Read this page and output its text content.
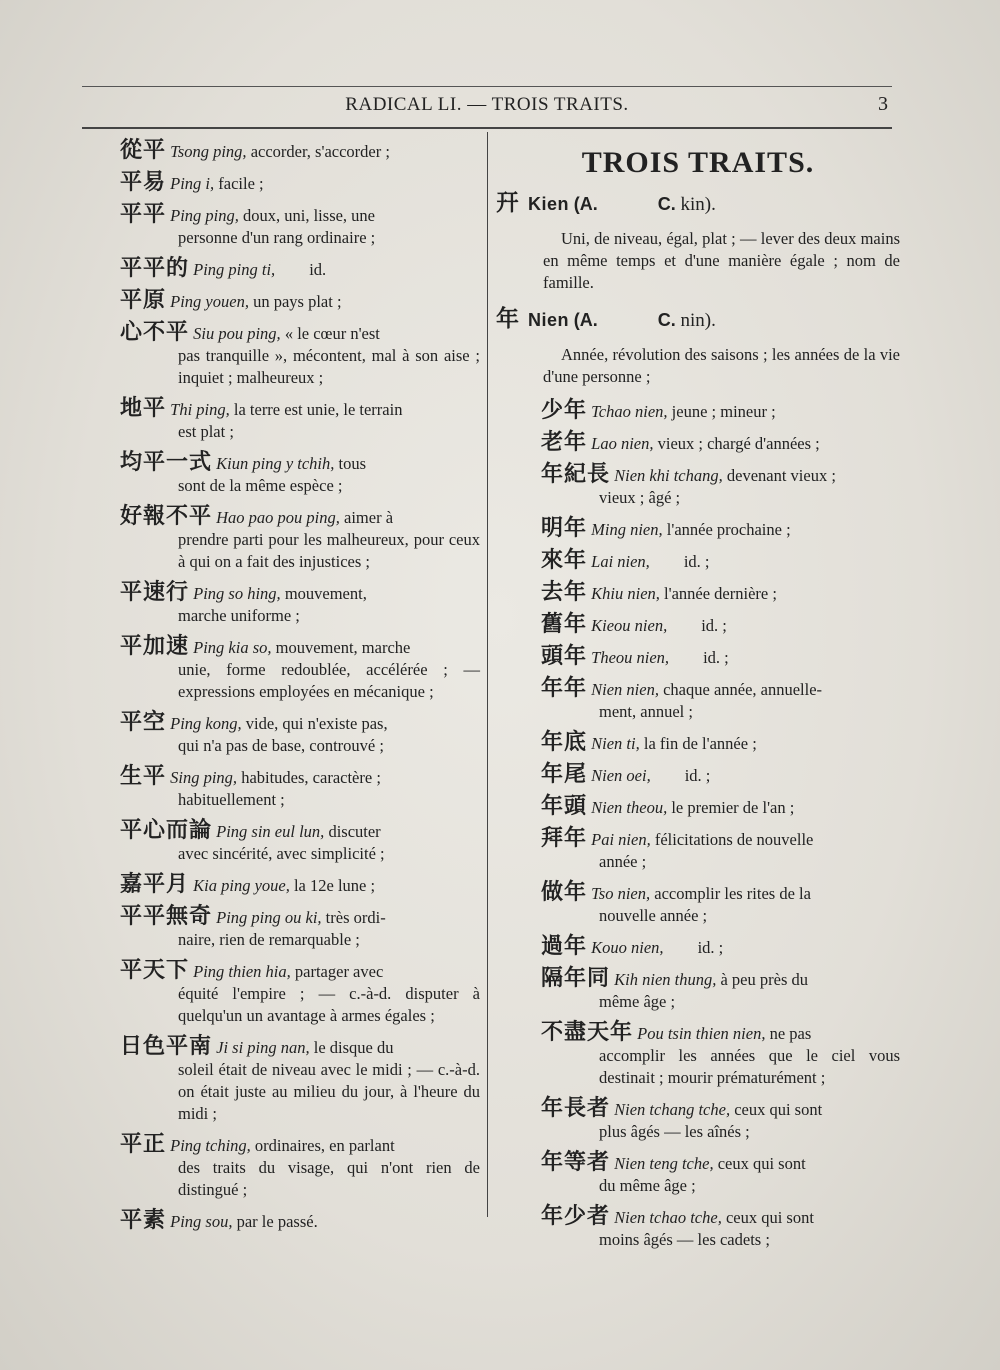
RADICAL LI. — TROIS TRAITS.	3
從平 Tsong ping, accorder, s'accorder ;
平易 Ping i, facile ;
平平 Ping ping, doux, uni, lisse, une
personne d'un rang ordinaire ;
平平的 Ping ping ti, id.
平原 Ping youen, un pays plat ;
心不平 Siu pou ping, « le cœur n'est
pas tranquille », mécontent, mal à son aise ; inquiet ; malheureux ;
地平 Thi ping, la terre est unie, le terrain
est plat ;
均平一式 Kiun ping y tchih, tous
sont de la même espèce ;
好報不平 Hao pao pou ping, aimer à
prendre parti pour les malheureux, pour ceux à qui on a fait des injustices ;
平速行 Ping so hing, mouvement,
marche uniforme ;
平加速 Ping kia so, mouvement, marche
unie, forme redoublée, accélérée ; — expressions employées en mécanique ;
平空 Ping kong, vide, qui n'existe pas,
qui n'a pas de base, controuvé ;
生平 Sing ping, habitudes, caractère ;
habituellement ;
平心而論 Ping sin eul lun, discuter
avec sincérité, avec simplicité ;
嘉平月 Kia ping youe, la 12e lune ;
平平無奇 Ping ping ou ki, très ordi-
naire, rien de remarquable ;
平天下 Ping thien hia, partager avec
équité l'empire ; — c.-à-d. disputer à quelqu'un un avantage à armes égales ;
日色平南 Ji si ping nan, le disque du
soleil était de niveau avec le midi ; — c.-à-d. on était juste au milieu du jour, à l'heure du midi ;
平正 Ping tching, ordinaires, en parlant
des traits du visage, qui n'ont rien de distingué ;
平素 Ping sou, par le passé.
TROIS TRAITS.
幵 Kien (A.	C. kin).
Uni, de niveau, égal, plat ; — lever des deux mains en même temps et d'une manière égale ; nom de famille.
年 Nien (A.	C. nin).
Année, révolution des saisons ; les années de la vie d'une personne ;
少年 Tchao nien, jeune ; mineur ;
老年 Lao nien, vieux ; chargé d'années ;
年紀長 Nien khi tchang, devenant vieux ;
vieux ; âgé ;
明年 Ming nien, l'année prochaine ;
來年 Lai nien, id. ;
去年 Khiu nien, l'année dernière ;
舊年 Kieou nien, id. ;
頭年 Theou nien, id. ;
年年 Nien nien, chaque année, annuelle-
ment, annuel ;
年底 Nien ti, la fin de l'année ;
年尾 Nien oei, id. ;
年頭 Nien theou, le premier de l'an ;
拜年 Pai nien, félicitations de nouvelle
année ;
做年 Tso nien, accomplir les rites de la
nouvelle année ;
過年 Kouo nien, id. ;
隔年同 Kih nien thung, à peu près du
même âge ;
不盡天年 Pou tsin thien nien, ne pas
accomplir les années que le ciel vous destinait ; mourir prématurément ;
年長者 Nien tchang tche, ceux qui sont
plus âgés — les aînés ;
年等者 Nien teng tche, ceux qui sont
du même âge ;
年少者 Nien tchao tche, ceux qui sont
moins âgés — les cadets ;
